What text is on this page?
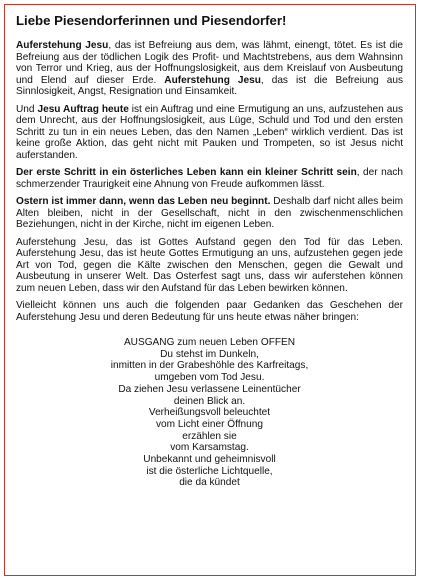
Liebe Piesendorferinnen und Piesendorfer!

Auferstehung Jesu, das ist Befreiung aus dem, was lähmt, einengt, tötet. Es ist die Befreiung aus der tödlichen Logik des Profit- und Machtstrebens, aus dem Wahnsinn von Terror und Krieg, aus der Hoffnungslosigkeit, aus dem Kreislauf von Ausbeutung und Elend auf dieser Erde. Auferstehung Jesu, das ist die Befreiung aus Sinnlosigkeit, Angst, Resignation und Einsamkeit.

Und Jesu Auftrag heute ist ein Auftrag und eine Ermutigung an uns, aufzustehen aus dem Unrecht, aus der Hoffnungslosigkeit, aus Lüge, Schuld und Tod und den ersten Schritt zu tun in ein neues Leben, das den Namen „Leben“ wirklich verdient. Das ist keine große Aktion, das geht nicht mit Pauken und Trompeten, so ist Jesus nicht auferstanden.

Der erste Schritt in ein österliches Leben kann ein kleiner Schritt sein, der nach schmerzender Traurigkeit eine Ahnung von Freude aufkommen lässt.

Ostern ist immer dann, wenn das Leben neu beginnt. Deshalb darf nicht alles beim Alten bleiben, nicht in der Gesellschaft, nicht in den zwischenmenschlichen Beziehungen, nicht in der Kirche, nicht im eigenen Leben.

Auferstehung Jesu, das ist Gottes Aufstand gegen den Tod für das Leben. Auferstehung Jesu, das ist heute Gottes Ermutigung an uns, aufzustehen gegen jede Art von Tod, gegen die Kälte zwischen den Menschen, gegen die Gewalt und Ausbeutung in unserer Welt. Das Osterfest sagt uns, dass wir auferstehen können zum neuen Leben, dass wir den Aufstand für das Leben bewirken können.

Vielleicht können uns auch die folgenden paar Gedanken das Geschehen der Auferstehung Jesu und deren Bedeutung für uns heute etwas näher bringen:

AUSGANG zum neuen Leben OFFEN
Du stehst im Dunkeln,
inmitten in der Grabeshöhle des Karfreitags,
umgeben vom Tod Jesu.
Da ziehen Jesu verlassene Leinentücher
deinen Blick an.
Verheißungsvoll beleuchtet
vom Licht einer Öffnung
erzählen sie
vom Karsamstag.
Unbekannt und geheimnisvoll
ist die österliche Lichtquelle,
die da kündet
